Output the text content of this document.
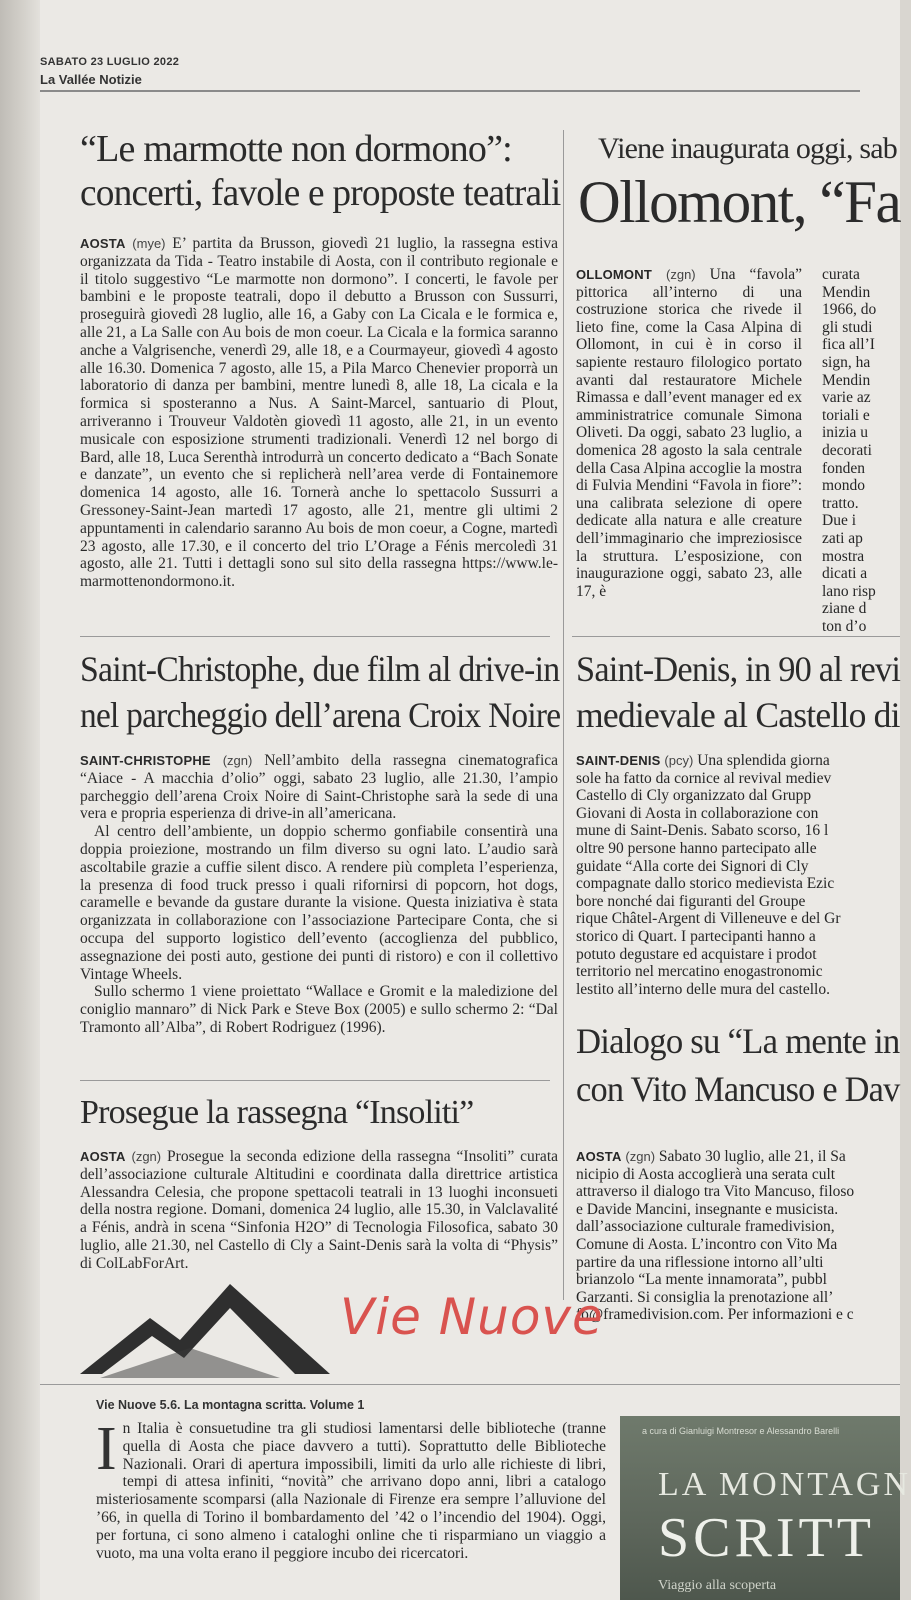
SABATO 23 LUGLIO 2022
La Vallée Notizie
“Le marmotte non dormono”:
concerti, favole e proposte teatrali

AOSTA (mye) E’ partita da Brusson, giovedì 21 luglio, la rassegna estiva organizzata da Tida - Teatro instabile di Aosta, con il contributo regionale e il titolo suggestivo “Le marmotte non dormono”. I concerti, le favole per bambini e le proposte teatrali, dopo il debutto a Brusson con Sussurri, proseguirà giovedì 28 luglio, alle 16, a Gaby con La Cicala e le formica e, alle 21, a La Salle con Au bois de mon coeur. La Cicala e la formica saranno anche a Valgrisenche, venerdì 29, alle 18, e a Courmayeur, giovedì 4 agosto alle 16.30. Domenica 7 agosto, alle 15, a Pila Marco Chenevier proporrà un laboratorio di danza per bambini, mentre lunedì 8, alle 18, La cicala e la formica si sposteranno a Nus. A Saint-Marcel, santuario di Plout, arriveranno i Trouveur Valdotèn giovedì 11 agosto, alle 21, in un evento musicale con esposizione strumenti tradizionali. Venerdì 12 nel borgo di Bard, alle 18, Luca Serenthà introdurrà un concerto dedicato a “Bach Sonate e danzate”, un evento che si replicherà nell’area verde di Fontainemore domenica 14 agosto, alle 16. Tornerà anche lo spettacolo Sussurri a Gressoney-Saint-Jean martedì 17 agosto, alle 21, mentre gli ultimi 2 appuntamenti in calendario saranno Au bois de mon coeur, a Cogne, martedì 23 agosto, alle 17.30, e il concerto del trio L’Orage a Fénis mercoledì 31 agosto, alle 21. Tutti i dettagli sono sul sito della rassegna https://www.le-marmottenondormono.it.

Viene inaugurata oggi, sab
Ollomont, “Fa
OLLOMONT (zgn) Una “favola” pittorica all’interno di una costruzione storica che rivede il lieto fine, come la Casa Alpina di Ollomont, in cui è in corso il sapiente restauro filologico portato avanti dal restauratore Michele Rimassa e dall’event manager ed ex amministratrice comunale Simona Oliveti. Da oggi, sabato 23 luglio, a domenica 28 agosto la sala centrale della Casa Alpina accoglie la mostra di Fulvia Mendini “Favola in fiore”: una calibrata selezione di opere dedicate alla natura e alle creature dell’immaginario che impreziosisce la struttura. L’esposizione, con inaugurazione oggi, sabato 23, alle 17, è
curata
Mendin
1966, do
gli studi
fica all’I
sign, ha
Mendin
varie az
toriali e
inizia u
decorati
fonden
mondo
tratto.
Due i
zati ap
mostra
dicati a
lano risp
ziane d
ton d’o
Saint-Christophe, due film al drive-in
nel parcheggio dell’arena Croix Noire

SAINT-CHRISTOPHE (zgn) Nell’ambito della rassegna cinematografica “Aiace - A macchia d’olio” oggi, sabato 23 luglio, alle 21.30, l’ampio parcheggio dell’arena Croix Noire di Saint-Christophe sarà la sede di una vera e propria esperienza di drive-in all’americana.

Al centro dell’ambiente, un doppio schermo gonfiabile consentirà una doppia proiezione, mostrando un film diverso su ogni lato. L’audio sarà ascoltabile grazie a cuffie silent disco. A rendere più completa l’esperienza, la presenza di food truck presso i quali rifornirsi di popcorn, hot dogs, caramelle e bevande da gustare durante la visione. Questa iniziativa è stata organizzata in collaborazione con l’associazione Partecipare Conta, che si occupa del supporto logistico dell’evento (accoglienza del pubblico, assegnazione dei posti auto, gestione dei punti di ristoro) e con il collettivo Vintage Wheels.

Sullo schermo 1 viene proiettato “Wallace e Gromit e la maledizione del coniglio mannaro” di Nick Park e Steve Box (2005) e sullo schermo 2: “Dal Tramonto all’Alba”, di Robert Rodriguez (1996).

Saint-Denis, in 90 al revi
medievale al Castello di
SAINT-DENIS (pcy) Una splendida giorna
sole ha fatto da cornice al revival mediev
Castello di Cly organizzato dal Grupp
Giovani di Aosta in collaborazione con
mune di Saint-Denis. Sabato scorso, 16 l
oltre 90 persone hanno partecipato alle
guidate “Alla corte dei Signori di Cly
compagnate dallo storico medievista Ezic
bore nonché dai figuranti del Groupe
rique Châtel-Argent di Villeneuve e del Gr
storico di Quart. I partecipanti hanno a
potuto degustare ed acquistare i prodot
territorio nel mercatino enogastronomic
lestito all’interno delle mura del castello.
Prosegue la rassegna “Insoliti”

AOSTA (zgn) Prosegue la seconda edizione della rassegna “Insoliti” curata dell’associazione culturale Altitudini e coordinata dalla direttrice artistica Alessandra Celesia, che propone spettacoli teatrali in 13 luoghi inconsueti della nostra regione. Domani, domenica 24 luglio, alle 15.30, in Valclavalité a Fénis, andrà in scena “Sinfonia H2O” di Tecnologia Filosofica, sabato 30 luglio, alle 21.30, nel Castello di Cly a Saint-Denis sarà la volta di “Physis” di ColLabForArt.

Dialogo su “La mente in
con Vito Mancuso e Dav
AOSTA (zgn) Sabato 30 luglio, alle 21, il Sa
nicipio di Aosta accoglierà una serata cult
attraverso il dialogo tra Vito Mancuso, filoso
e Davide Mancini, insegnante e musicista.
dall’associazione culturale framedivision,
Comune di Aosta. L’incontro con Vito Ma
partire da una riflessione intorno all’ulti
brianzolo “La mente innamorata”, pubbl
Garzanti. Si consiglia la prenotazione all’
fo@framedivision.com. Per informazioni e c
Vie Nuove
Vie Nuove 5.6. La montagna scritta. Volume 1
In Italia è consuetudine tra gli studiosi lamentarsi delle biblioteche (tranne quella di Aosta che piace davvero a tutti). Soprattutto delle Biblioteche Nazionali. Orari di apertura impossibili, limiti da urlo alle richieste di libri, tempi di attesa infiniti, “novità” che arrivano dopo anni, libri a catalogo misteriosamente scomparsi (alla Nazionale di Firenze era sempre l’alluvione del ’66, in quella di Torino il bombardamento del ’42 o l’incendio del 1904). Oggi, per fortuna, ci sono almeno i cataloghi online che ti risparmiano un viaggio a vuoto, ma una volta erano il peggiore incubo dei ricercatori.
a cura di Gianluigi Montresor e Alessandro Barelli
LA MONTAGN
SCRITT
Viaggio alla scoperta
